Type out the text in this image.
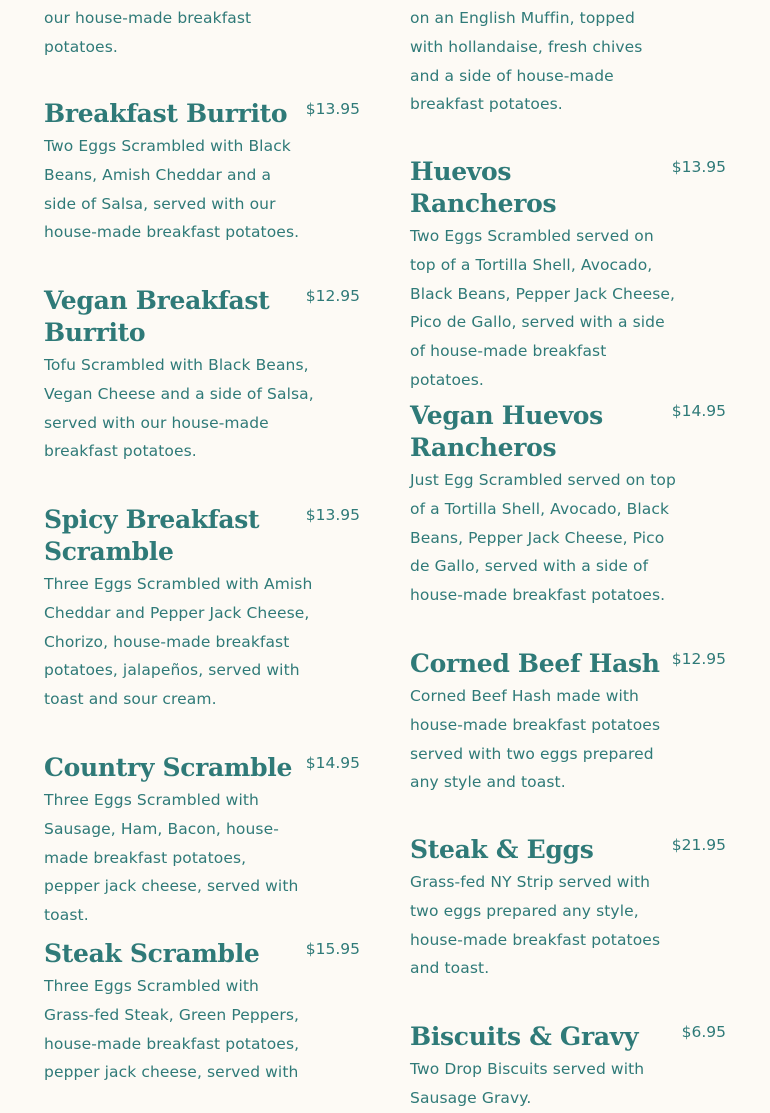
our house-made breakfast potatoes.
Breakfast Burrito $13.95
Two Eggs Scrambled with Black Beans, Amish Cheddar and a side of Salsa, served with our house-made breakfast potatoes.
Vegan Breakfast Burrito
$12.95
Tofu Scrambled with Black Beans, Vegan Cheese and a side of Salsa, served with our house-made breakfast potatoes.
Spicy Breakfast Scramble
$13.95
Three Eggs Scrambled with Amish Cheddar and Pepper Jack Cheese, Chorizo, house-made breakfast potatoes, jalapeños, served with toast and sour cream.
Country Scramble $14.95
Three Eggs Scrambled with Sausage, Ham, Bacon, house-made breakfast potatoes, pepper jack cheese, served with toast.
Steak Scramble	$15.95
Three Eggs Scrambled with Grass-fed Steak, Green Peppers, house-made breakfast potatoes, pepper jack cheese, served with
on an English Muffin, topped with hollandaise, fresh chives and a side of house-made breakfast potatoes.
Huevos Rancheros
$13.95
Two Eggs Scrambled served on top of a Tortilla Shell, Avocado, Black Beans, Pepper Jack Cheese, Pico de Gallo, served with a side of house-made breakfast potatoes.
Vegan Huevos Rancheros
$14.95
Just Egg Scrambled served on top of a Tortilla Shell, Avocado, Black Beans, Pepper Jack Cheese, Pico de Gallo, served with a side of house-made breakfast potatoes.
Corned Beef Hash $12.95
Corned Beef Hash made with house-made breakfast potatoes served with two eggs prepared any style and toast.
Steak & Eggs	$21.95
Grass-fed NY Strip served with two eggs prepared any style, house-made breakfast potatoes and toast.
Biscuits & Gravy	$6.95
Two Drop Biscuits served with Sausage Gravy.
